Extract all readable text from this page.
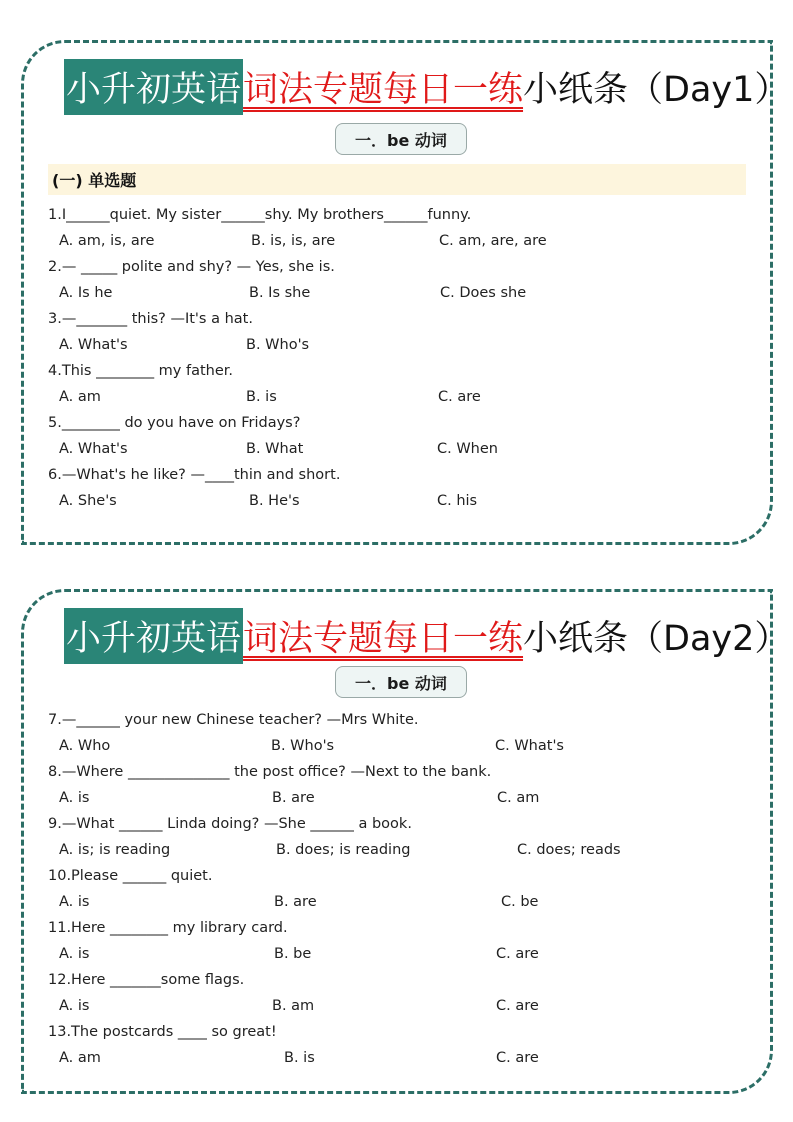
小升初英语 词法专题每日一练 小纸条（Day1）
一．be 动词
(一) 单选题
1.I______quiet. My sister______shy. My brothers______funny.
A. am, is, are	B. is, is, are	C. am, are, are
2.— _____ polite and shy? — Yes, she is.
A. Is he	B. Is she	C. Does she
3.—_______ this? —It's a hat.
A. What's	B. Who's
4.This ________ my father.
A. am	B. is	C. are
5.________ do you have on Fridays?
A. What's	B. What	C. When
6.—What's he like? —____thin and short.
A. She's	B. He's	C. his
小升初英语 词法专题每日一练 小纸条（Day2）
一．be 动词
7.—______ your new Chinese teacher? —Mrs White.
A. Who	B. Who's	C. What's
8.—Where ______________ the post office? —Next to the bank.
A. is	B. are	C. am
9.—What ______ Linda doing? —She ______ a book.
A. is; is reading	B. does; is reading	C. does; reads
10.Please ______ quiet.
A. is	B. are	C. be
11.Here ________ my library card.
A. is	B. be	C. are
12.Here _______some flags.
A. is	B. am	C. are
13.The postcards ____ so great!
A. am	B. is	C. are
